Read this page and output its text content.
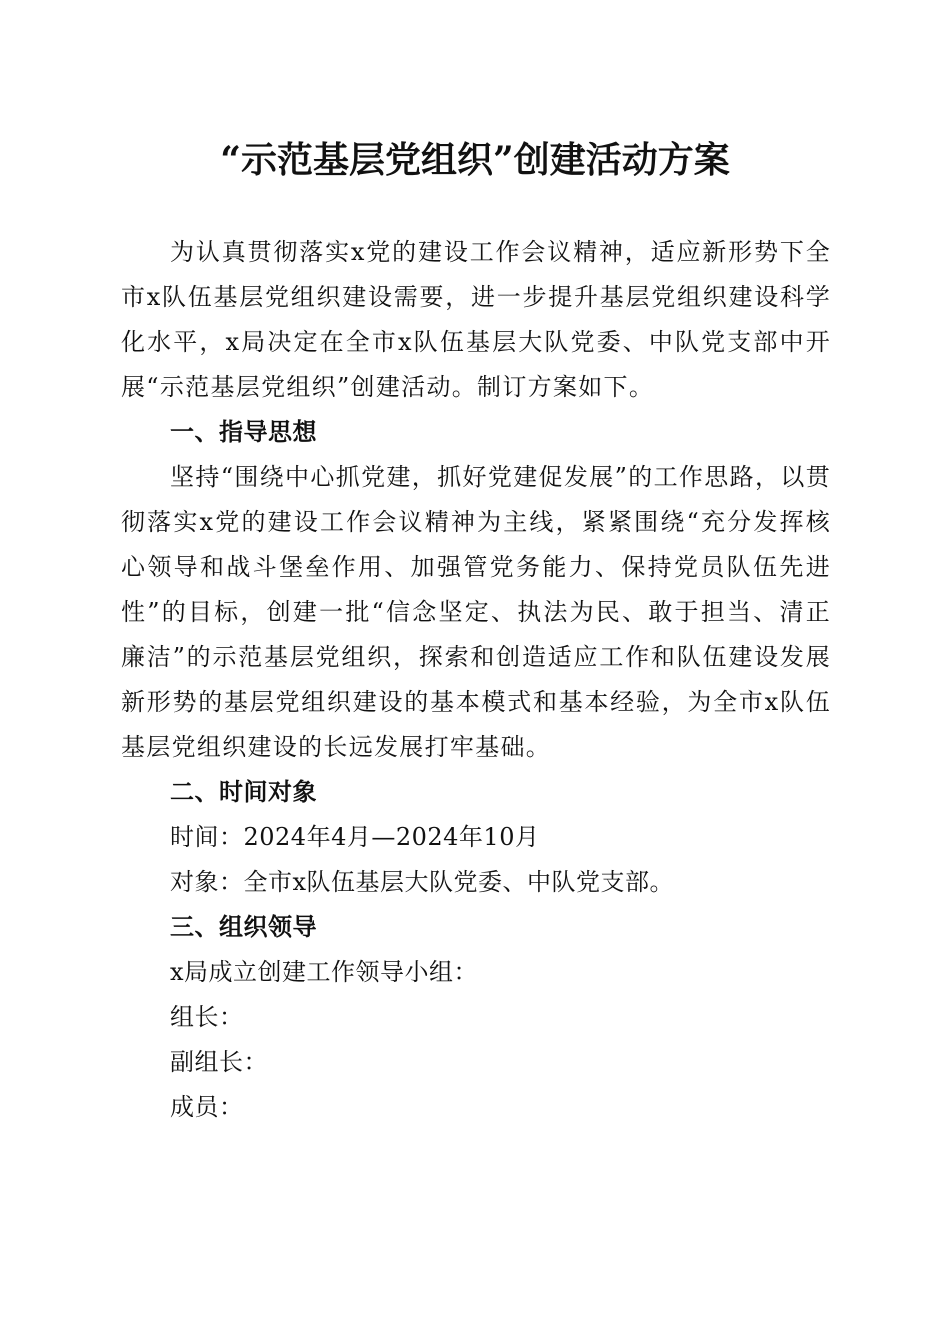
“示范基层党组织”创建活动方案

为认真贯彻落实x党的建设工作会议精神，适应新形势下全市x队伍基层党组织建设需要，进一步提升基层党组织建设科学化水平，x局决定在全市x队伍基层大队党委、中队党支部中开展“示范基层党组织”创建活动。制订方案如下。

一、指导思想

坚持“围绕中心抓党建，抓好党建促发展”的工作思路，以贯彻落实x党的建设工作会议精神为主线，紧紧围绕“充分发挥核心领导和战斗堡垒作用、加强管党务能力、保持党员队伍先进性”的目标，创建一批“信念坚定、执法为民、敢于担当、清正廉洁”的示范基层党组织，探索和创造适应工作和队伍建设发展新形势的基层党组织建设的基本模式和基本经验，为全市x队伍基层党组织建设的长远发展打牢基础。

二、时间对象

时间：2024年4月—2024年10月

对象：全市x队伍基层大队党委、中队党支部。

三、组织领导

x局成立创建工作领导小组：

组长：

副组长：

成员：
